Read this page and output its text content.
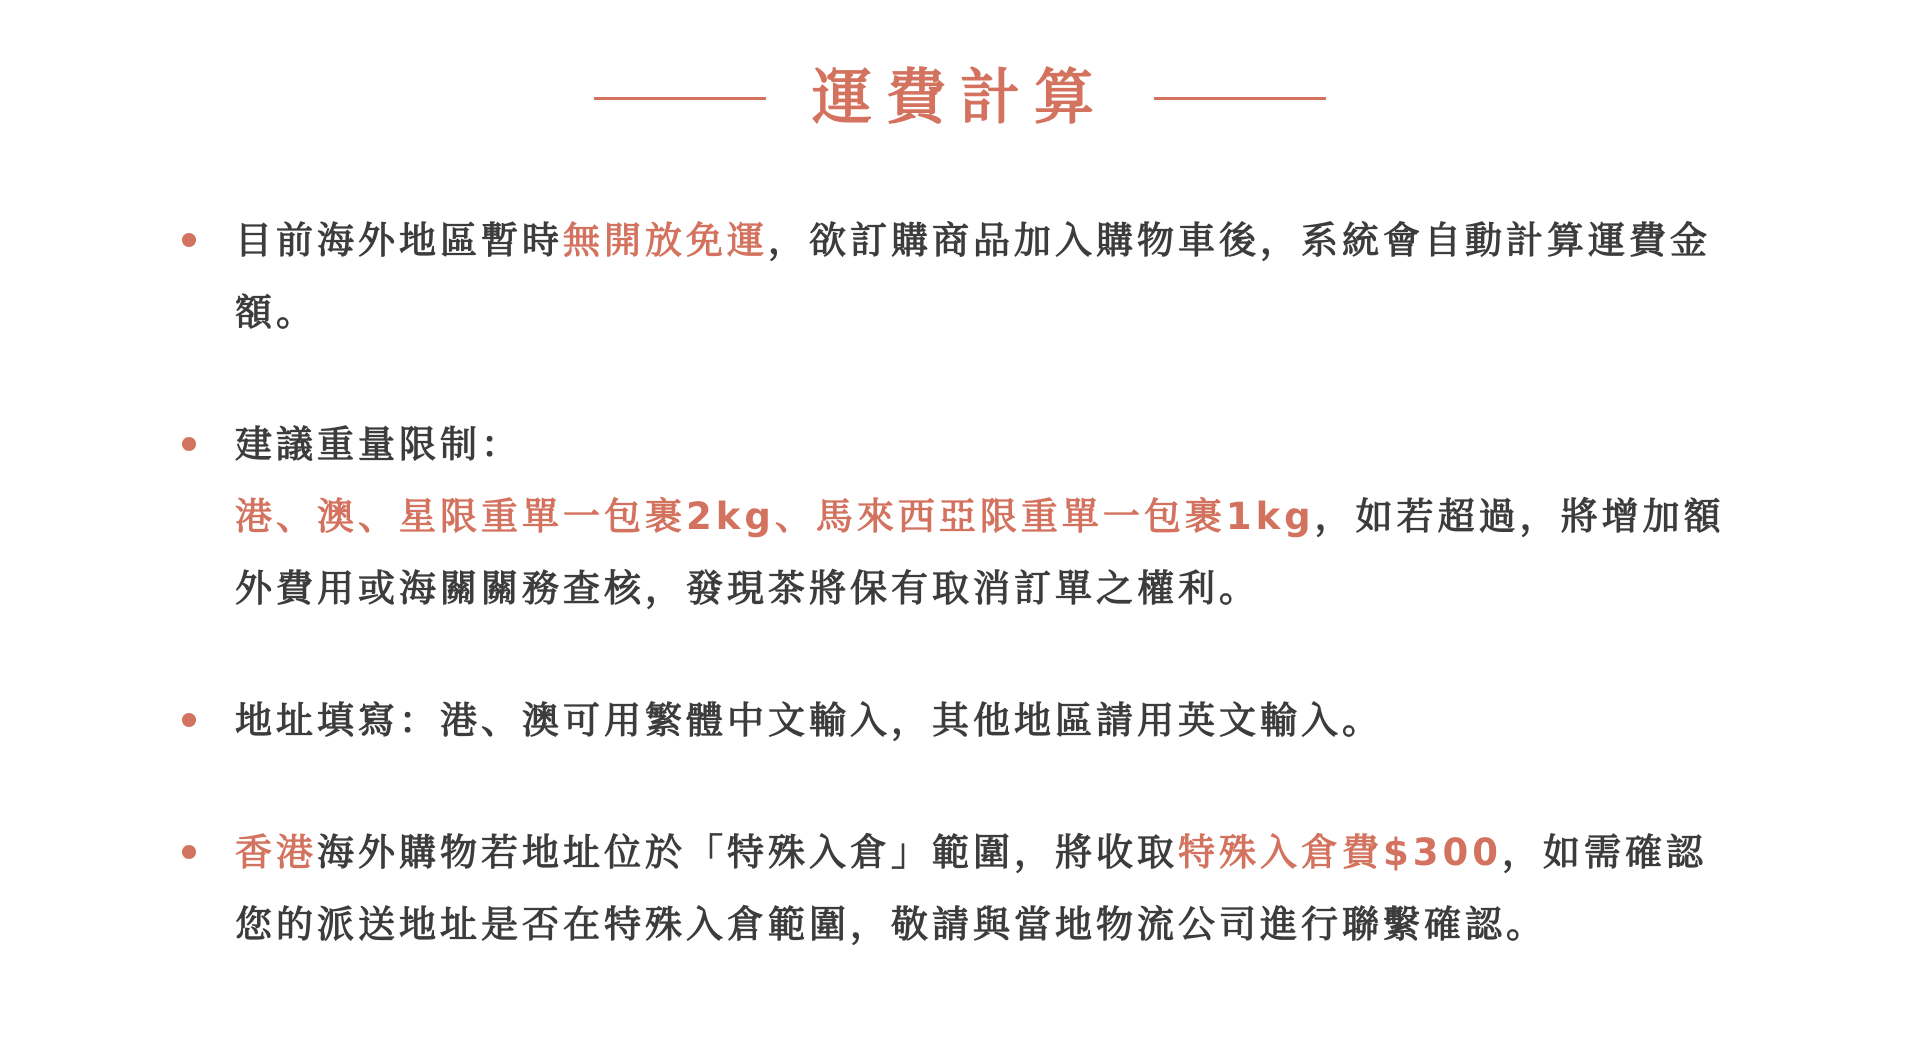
運費計算
目前海外地區暫時無開放免運，欲訂購商品加入購物車後，系統會自動計算運費金額。
建議重量限制：
港、澳、星限重單一包裹2kg、馬來西亞限重單一包裹1kg，如若超過，將增加額外費用或海關關務查核，發現茶將保有取消訂單之權利。
地址填寫：港、澳可用繁體中文輸入，其他地區請用英文輸入。
香港海外購物若地址位於「特殊入倉」範圍，將收取特殊入倉費$300，如需確認您的派送地址是否在特殊入倉範圍，敬請與當地物流公司進行聯繫確認。
